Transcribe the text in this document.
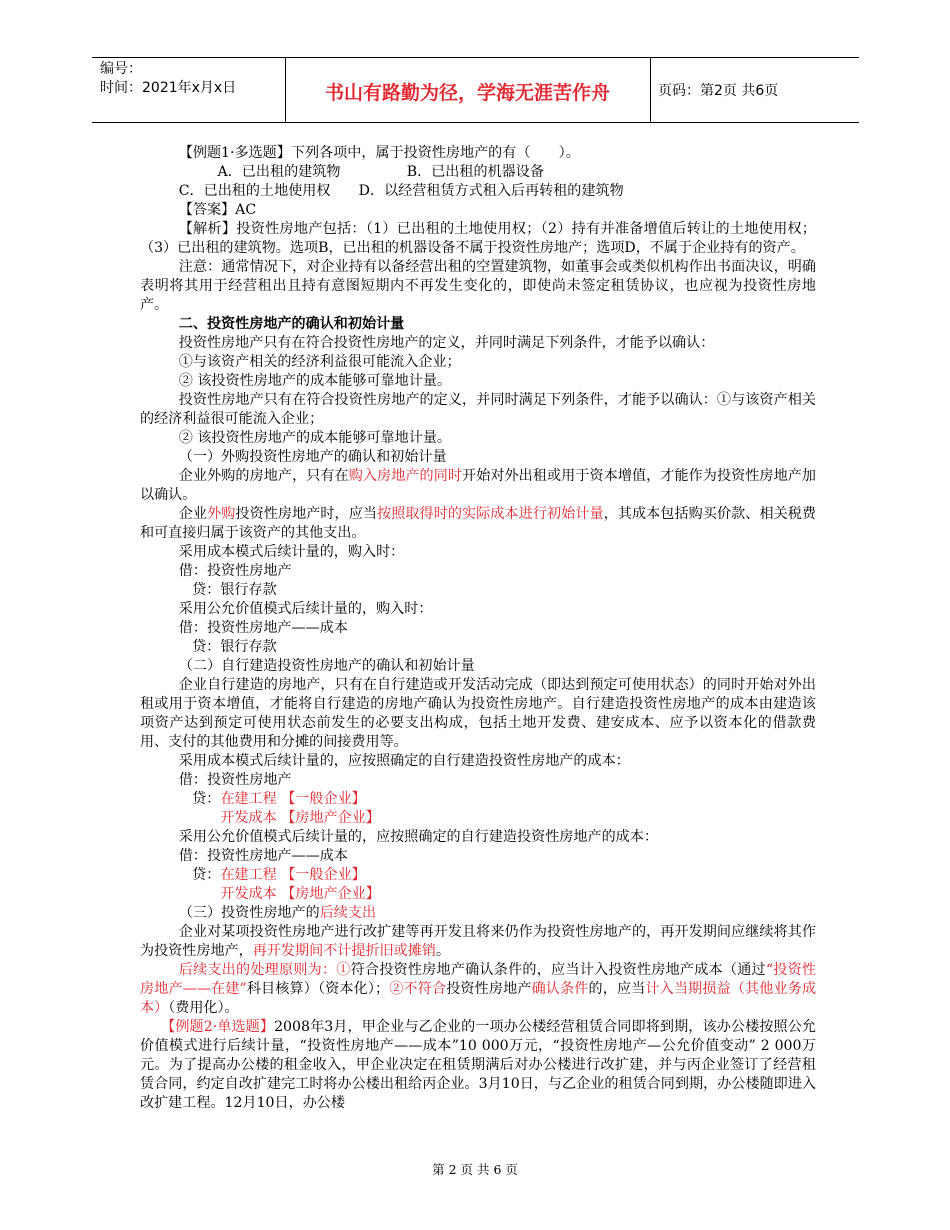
编号：
时间：2021年x月x日	书山有路勤为径，学海无涯苦作舟	页码：第2页 共6页

【例题1·多选题】下列各项中，属于投资性房地产的有（　　）。

A．已出租的建筑物	B．已出租的机器设备

C．已出租的土地使用权　　D．以经营租赁方式租入后再转租的建筑物

【答案】AC

【解析】投资性房地产包括：（1）已出租的土地使用权；（2）持有并准备增值后转让的土地使用权；（3）已出租的建筑物。选项B，已出租的机器设备不属于投资性房地产；选项D，不属于企业持有的资产。

注意：通常情况下，对企业持有以备经营出租的空置建筑物，如董事会或类似机构作出书面决议，明确表明将其用于经营租出且持有意图短期内不再发生变化的，即使尚未签定租赁协议，也应视为投资性房地产。

二、投资性房地产的确认和初始计量

投资性房地产只有在符合投资性房地产的定义，并同时满足下列条件，才能予以确认：

①与该资产相关的经济利益很可能流入企业；

② 该投资性房地产的成本能够可靠地计量。

投资性房地产只有在符合投资性房地产的定义，并同时满足下列条件，才能予以确认：①与该资产相关的经济利益很可能流入企业；

② 该投资性房地产的成本能够可靠地计量。

（一）外购投资性房地产的确认和初始计量

企业外购的房地产，只有在购入房地产的同时开始对外出租或用于资本增值，才能作为投资性房地产加以确认。

企业外购投资性房地产时，应当按照取得时的实际成本进行初始计量，其成本包括购买价款、相关税费和可直接归属于该资产的其他支出。

采用成本模式后续计量的，购入时：

借：投资性房地产

贷：银行存款

采用公允价值模式后续计量的，购入时：

借：投资性房地产——成本

贷：银行存款

（二）自行建造投资性房地产的确认和初始计量

企业自行建造的房地产，只有在自行建造或开发活动完成（即达到预定可使用状态）的同时开始对外出租或用于资本增值，才能将自行建造的房地产确认为投资性房地产。自行建造投资性房地产的成本由建造该项资产达到预定可使用状态前发生的必要支出构成，包括土地开发费、建安成本、应予以资本化的借款费用、支付的其他费用和分摊的间接费用等。

采用成本模式后续计量的，应按照确定的自行建造投资性房地产的成本：

借：投资性房地产

贷：在建工程 【一般企业】

开发成本 【房地产企业】

采用公允价值模式后续计量的，应按照确定的自行建造投资性房地产的成本：

借：投资性房地产——成本

贷：在建工程 【一般企业】

开发成本 【房地产企业】

（三）投资性房地产的后续支出

企业对某项投资性房地产进行改扩建等再开发且将来仍作为投资性房地产的，再开发期间应继续将其作为投资性房地产，再开发期间不计提折旧或摊销。

后续支出的处理原则为：①符合投资性房地产确认条件的，应当计入投资性房地产成本（通过“投资性房地产——在建”科目核算）（资本化）；②不符合投资性房地产确认条件的，应当计入当期损益（其他业务成本）（费用化）。

【例题2·单选题】2008年3月，甲企业与乙企业的一项办公楼经营租赁合同即将到期，该办公楼按照公允价值模式进行后续计量，“投资性房地产——成本”10 000万元，“投资性房地产—公允价值变动” 2 000万元。为了提高办公楼的租金收入，甲企业决定在租赁期满后对办公楼进行改扩建，并与丙企业签订了经营租赁合同，约定自改扩建完工时将办公楼出租给丙企业。3月10日，与乙企业的租赁合同到期，办公楼随即进入改扩建工程。12月10日，办公楼

第 2 页 共 6 页
